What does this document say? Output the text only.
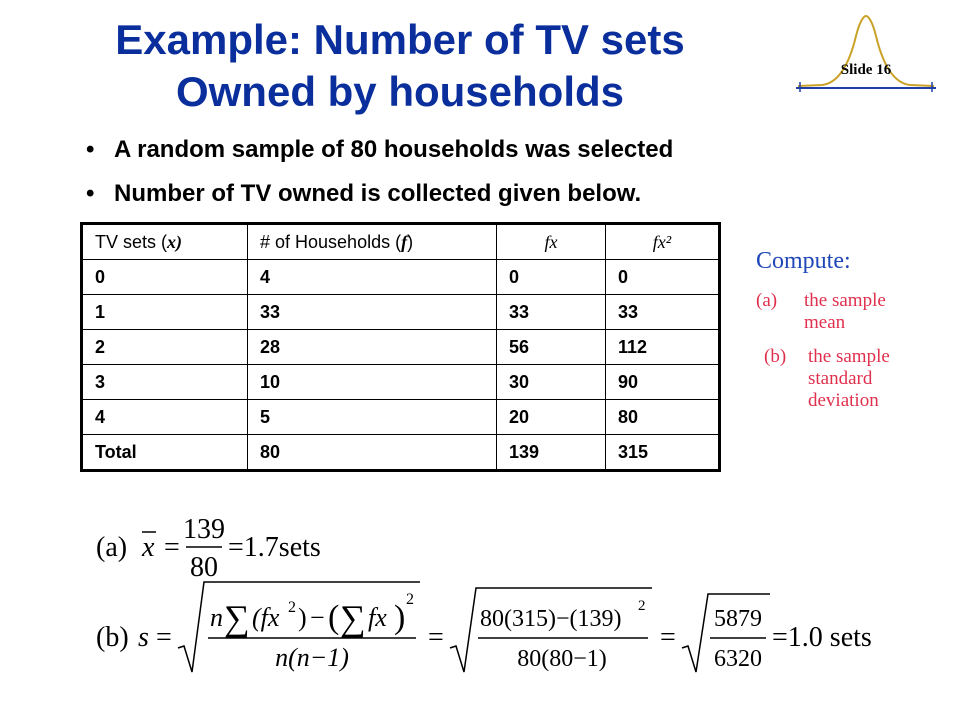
Example: Number of TV sets
Owned by households	Slide 16
• A random sample of 80 households was selected
• Number of TV owned is collected given below.
TV sets (x)	# of Households (f)	fx	fx²
0	4	0	0
1	33	33	33
2	28	56	112
3	10	30	90
4	5	20	80
Total	80	139	315
Compute:
(a) the sample
mean
(b) the sample
standard
deviation
(a) x =
139
80
=1.7sets
(b) s =
n ∑ (fx 2 ) − ( ∑ fx ) 2
n(n−1)
=
80(315)−(139) 2
80(80−1)
=
5879
6320
=1.0 sets
